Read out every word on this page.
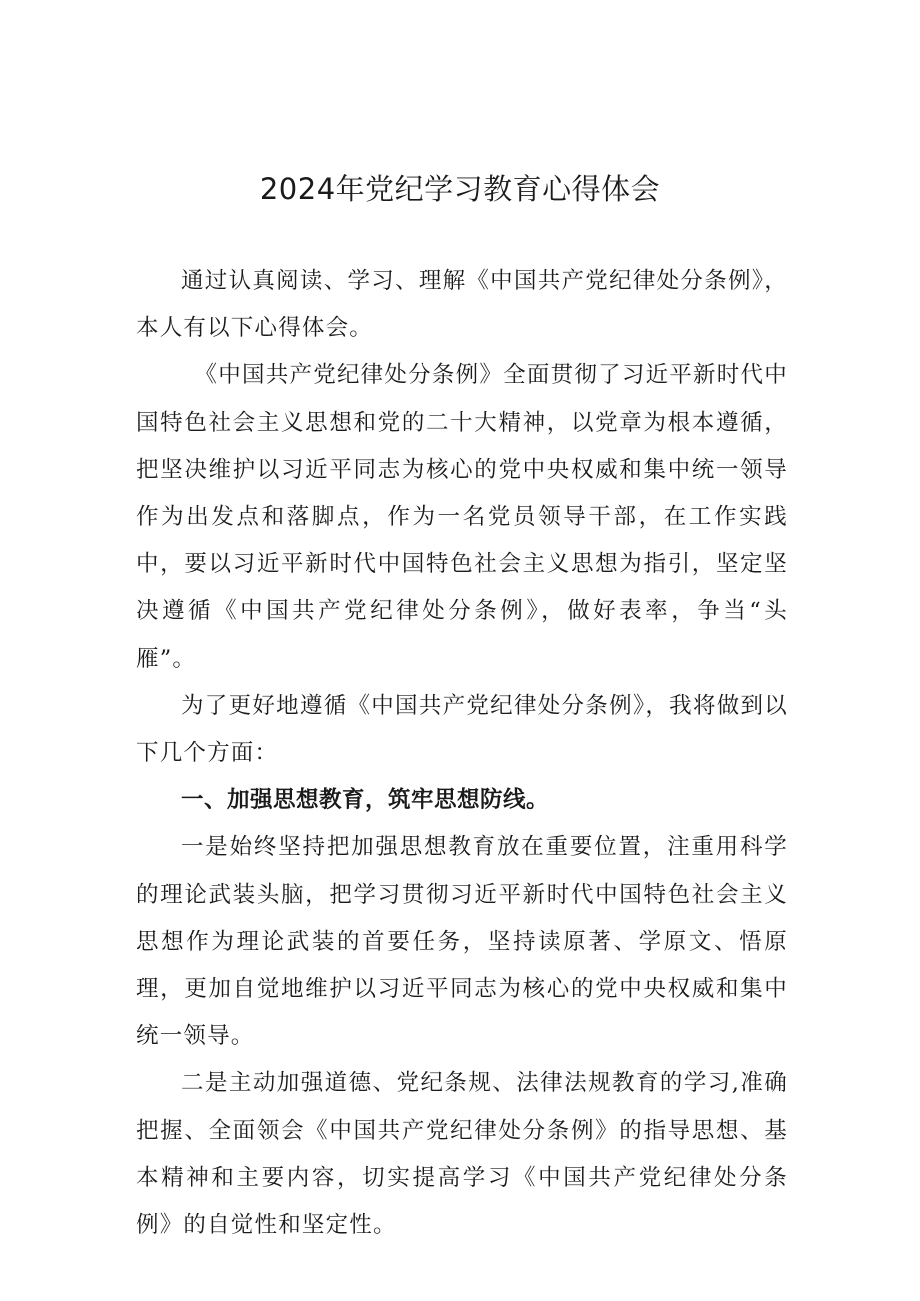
2024年党纪学习教育心得体会

通过认真阅读、学习、理解《中国共产党纪律处分条例》，本人有以下心得体会。

《中国共产党纪律处分条例》全面贯彻了习近平新时代中国特色社会主义思想和党的二十大精神，以党章为根本遵循，把坚决维护以习近平同志为核心的党中央权威和集中统一领导作为出发点和落脚点，作为一名党员领导干部，在工作实践中，要以习近平新时代中国特色社会主义思想为指引，坚定坚决遵循《中国共产党纪律处分条例》，做好表率，争当“头雁”。

为了更好地遵循《中国共产党纪律处分条例》，我将做到以下几个方面：

一、加强思想教育，筑牢思想防线。

一是始终坚持把加强思想教育放在重要位置，注重用科学的理论武装头脑，把学习贯彻习近平新时代中国特色社会主义思想作为理论武装的首要任务，坚持读原著、学原文、悟原理，更加自觉地维护以习近平同志为核心的党中央权威和集中统一领导。

二是主动加强道德、党纪条规、法律法规教育的学习,准确把握、全面领会《中国共产党纪律处分条例》的指导思想、基本精神和主要内容，切实提高学习《中国共产党纪律处分条例》的自觉性和坚定性。
